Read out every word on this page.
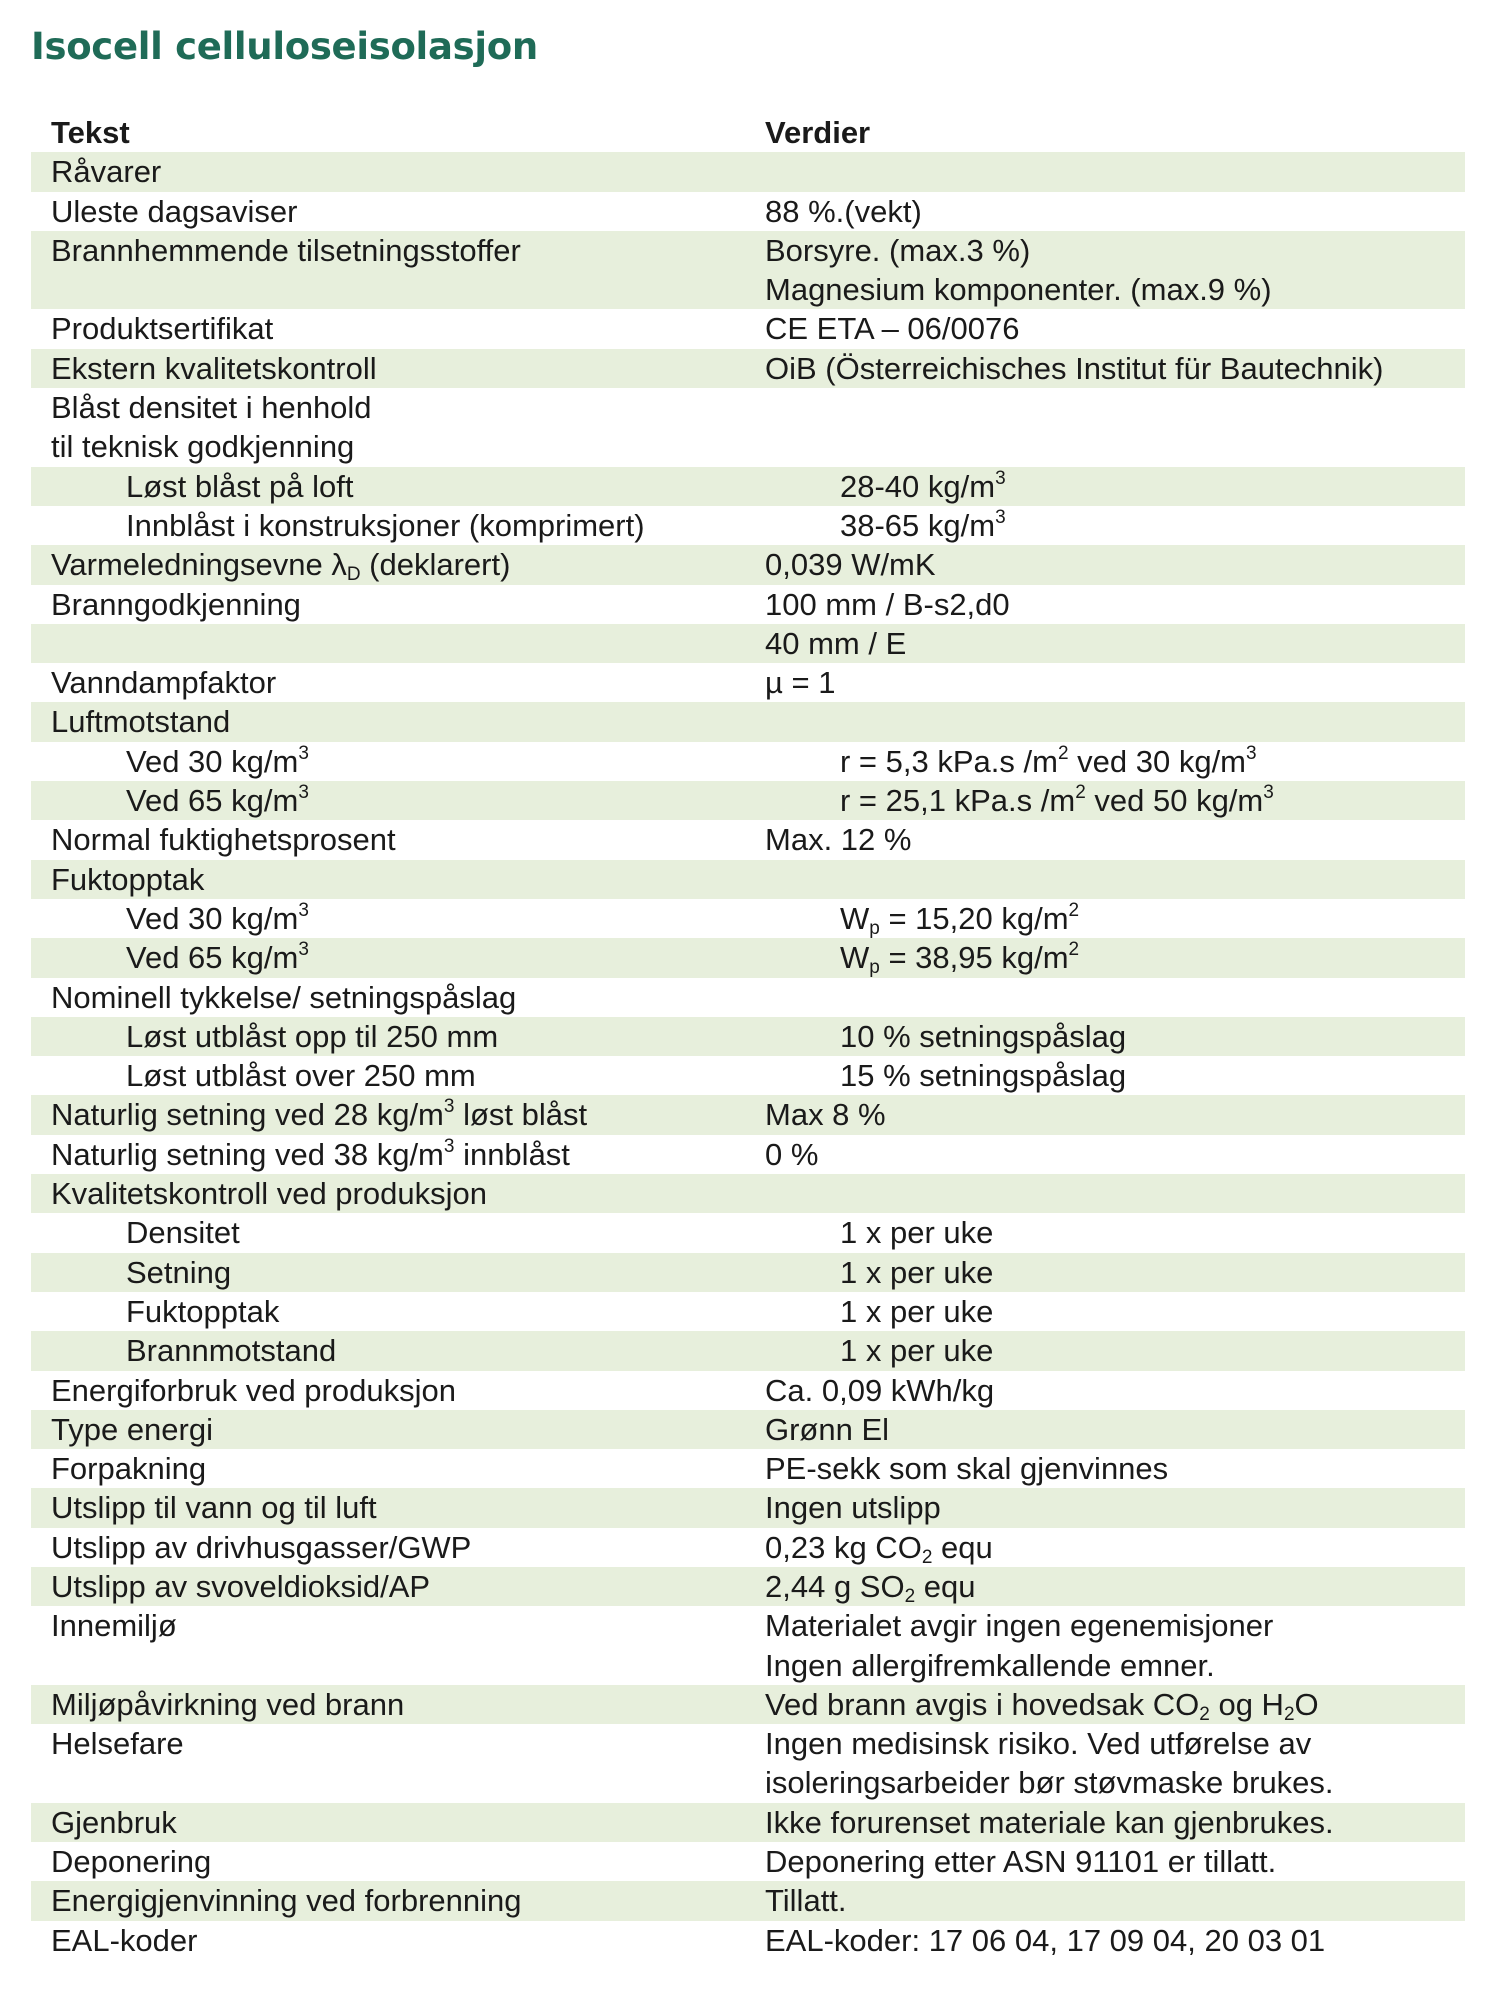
Isocell celluloseisolasjon
Tekst	Verdier
Råvarer
Uleste dagsaviser	88 %.(vekt)
Brannhemmende tilsetningsstoffer	Borsyre. (max.3 %)
Magnesium komponenter. (max.9 %)
Produktsertifikat	CE ETA – 06/0076
Ekstern kvalitetskontroll	OiB (Österreichisches Institut für Bautechnik)
Blåst densitet i henhold
til teknisk godkjenning
Løst blåst på loft	28-40 $kg/m^3$
Innblåst i konstruksjoner (komprimert)	38-65 $kg/m^3$
Varmeledningsevne $\lambda_D$ (deklarert)	0,039 W/mK
Branngodkjenning	100 mm / B-s2,d0
40 mm / E
Vanndampfaktor	µ = 1
Luftmotstand
Ved 30 $kg/m^3$	r = 5,3 kPa.s $/m^2$ ved 30 $kg/m^3$
Ved 65 $kg/m^3$	r = 25,1 kPa.s $/m^2$ ved 50 $kg/m^3$
Normal fuktighetsprosent	Max. 12 %
Fuktopptak
Ved 30 $kg/m^3$	$W_p = 15,20$ $kg/m^2$
Ved 65 $kg/m^3$	$W_p = 38,95$ $kg/m^2$
Nominell tykkelse/ setningspåslag
Løst utblåst opp til 250 mm	10 % setningspåslag
Løst utblåst over 250 mm	15 % setningspåslag
Naturlig setning ved 28 $kg/m^3$ løst blåst	Max 8 %
Naturlig setning ved 38 $kg/m^3$ innblåst	0 %
Kvalitetskontroll ved produksjon
Densitet	1 x per uke
Setning	1 x per uke
Fuktopptak	1 x per uke
Brannmotstand	1 x per uke
Energiforbruk ved produksjon	Ca. 0,09 kWh/kg
Type energi	Grønn El
Forpakning	PE-sekk som skal gjenvinnes
Utslipp til vann og til luft	Ingen utslipp
Utslipp av drivhusgasser/GWP	0,23 kg $CO_2$ equ
Utslipp av svoveldioksid/AP	2,44 g $SO_2$ equ
Innemiljø	Materialet avgir ingen egenemisjoner
Ingen allergifremkallende emner.
Miljøpåvirkning ved brann	Ved brann avgis i hovedsak $CO_2$ og $H_2O$
Helsefare	Ingen medisinsk risiko. Ved utførelse av
isoleringsarbeider bør støvmaske brukes.
Gjenbruk	Ikke forurenset materiale kan gjenbrukes.
Deponering	Deponering etter ASN 91101 er tillatt.
Energigjenvinning ved forbrenning	Tillatt.
EAL-koder	EAL-koder: 17 06 04, 17 09 04, 20 03 01
